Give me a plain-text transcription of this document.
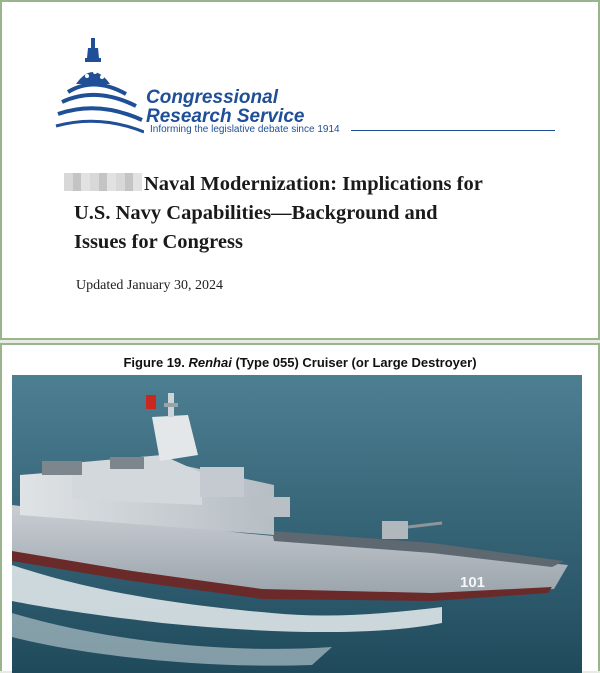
Congressional
Research Service
Informing the legislative debate since 1914
Naval Modernization: Implications for
U.S. Navy Capabilities—Background and
Issues for Congress
Updated January 30, 2024
Figure 19. Renhai (Type 055) Cruiser (or Large Destroyer)
101
